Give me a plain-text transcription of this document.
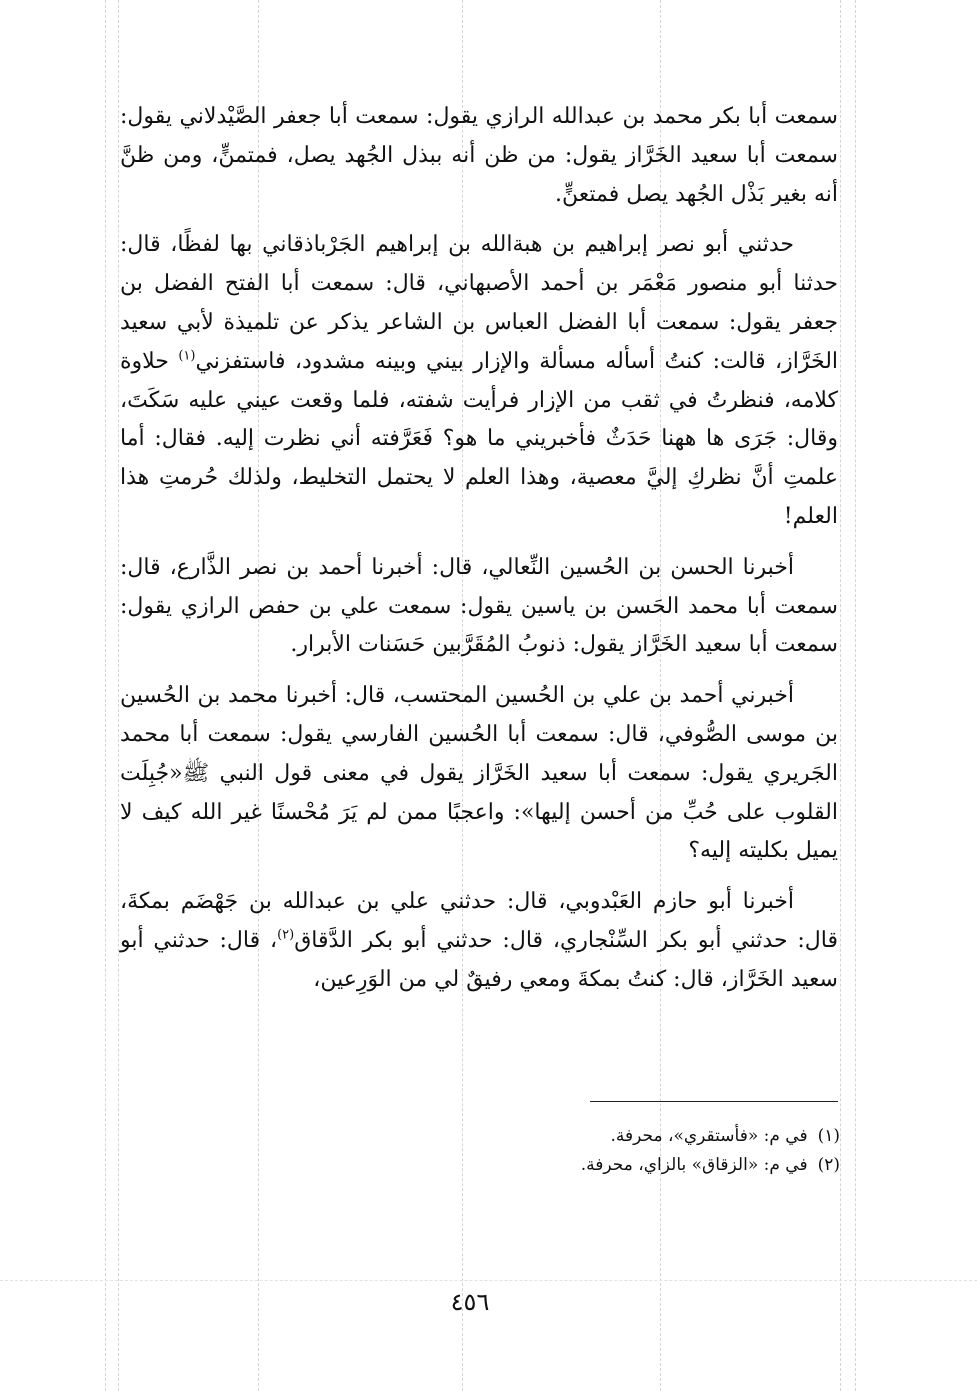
سمعت أبا بكر محمد بن عبدالله الرازي يقول: سمعت أبا جعفر الصَّيْدلاني يقول: سمعت أبا سعيد الخَرَّاز يقول: من ظن أنه ببذل الجُهد يصل، فمتمنٍّ، ومن ظنَّ أنه بغير بَذْل الجُهد يصل فمتعنٍّ.

حدثني أبو نصر إبراهيم بن هبةالله بن إبراهيم الجَرْباذقاني بها لفظًا، قال: حدثنا أبو منصور مَعْمَر بن أحمد الأصبهاني، قال: سمعت أبا الفتح الفضل بن جعفر يقول: سمعت أبا الفضل العباس بن الشاعر يذكر عن تلميذة لأبي سعيد الخَرَّاز، قالت: كنتُ أسأله مسألة والإزار بيني وبينه مشدود، فاستفزني$^{(١)}$ حلاوة كلامه، فنظرتُ في ثقب من الإزار فرأيت شفته، فلما وقعت عيني عليه سَكَتَ، وقال: جَرَى ها ههنا حَدَثٌ فأخبريني ما هو؟ فَعَرَّفته أني نظرت إليه. فقال: أما علمتِ أنَّ نظركِ إليَّ معصية، وهذا العلم لا يحتمل التخليط، ولذلك حُرمتِ هذا العلم!

أخبرنا الحسن بن الحُسين النِّعالي، قال: أخبرنا أحمد بن نصر الذَّارع، قال: سمعت أبا محمد الحَسن بن ياسين يقول: سمعت علي بن حفص الرازي يقول: سمعت أبا سعيد الخَرَّاز يقول: ذنوبُ المُقَرَّبين حَسَنات الأبرار.

أخبرني أحمد بن علي بن الحُسين المحتسب، قال: أخبرنا محمد بن الحُسين بن موسى الصُّوفي، قال: سمعت أبا الحُسين الفارسي يقول: سمعت أبا محمد الجَريري يقول: سمعت أبا سعيد الخَرَّاز يقول في معنى قول النبي ﷺ«جُبِلَت القلوب على حُبِّ من أحسن إليها»: واعجبًا ممن لم يَرَ مُحْسنًا غير الله كيف لا يميل بكليته إليه؟

أخبرنا أبو حازم العَبْدوبي، قال: حدثني علي بن عبدالله بن جَهْضَم بمكةَ، قال: حدثني أبو بكر السِّنْجاري، قال: حدثني أبو بكر الدَّقاق$^{(٢)}$، قال: حدثني أبو سعيد الخَرَّاز، قال: كنتُ بمكةَ ومعي رفيقٌ لي من الوَرِعين،

(١)
في م: «فأستقري»، محرفة.
(٢)
في م: «الزقاق» بالزاي، محرفة.
٤٥٦
